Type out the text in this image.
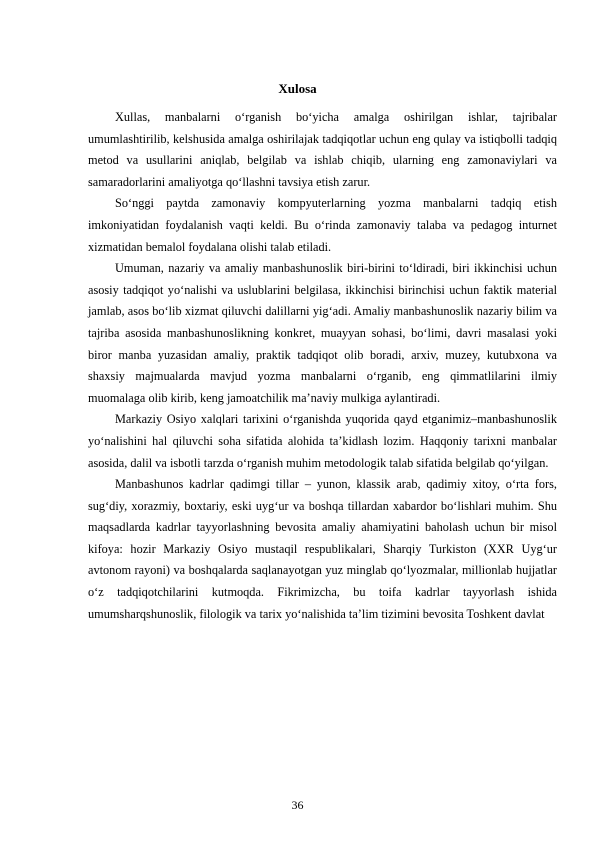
Xulosa

Xullas, manbalarni o‘rganish bo‘yicha amalga oshirilgan ishlar, tajribalar umumlashtirilib, kelshusida amalga oshirilajak tadqiqotlar uchun eng qulay va istiqbolli tadqiq metod va usullarini aniqlab, belgilab va ishlab chiqib, ularning eng zamonaviylari va samaradorlarini amaliyotga qo‘llashni tavsiya etish zarur.

So‘nggi paytda zamonaviy kompyuterlarning yozma manbalarni tadqiq etish imkoniyatidan foydalanish vaqti keldi. Bu o‘rinda zamonaviy talaba va pedagog inturnet xizmatidan bemalol foydalana olishi talab etiladi.

Umuman, nazariy va amaliy manbashunoslik biri-birini to‘ldiradi, biri ikkinchisi uchun asosiy tadqiqot yo‘nalishi va uslublarini belgilasa, ikkinchisi birinchisi uchun faktik material jamlab, asos bo‘lib xizmat qiluvchi dalillarni yig‘adi. Amaliy manbashunoslik nazariy bilim va tajriba asosida manbashunoslikning konkret, muayyan sohasi, bo‘limi, davri masalasi yoki biror manba yuzasidan amaliy, praktik tadqiqot olib boradi, arxiv, muzey, kutubxona va shaxsiy majmualarda mavjud yozma manbalarni o‘rganib, eng qimmatlilarini ilmiy muomalaga olib kirib, keng jamoatchilik ma’naviy mulkiga aylantiradi.

Markaziy Osiyo xalqlari tarixini o‘rganishda yuqorida qayd etganimiz–manbashunoslik yo‘nalishini hal qiluvchi soha sifatida alohida ta’kidlash lozim. Haqqoniy tarixni manbalar asosida, dalil va isbotli tarzda o‘rganish muhim metodologik talab sifatida belgilab qo‘yilgan.

Manbashunos kadrlar qadimgi tillar – yunon, klassik arab, qadimiy xitoy, o‘rta fors, sug‘diy, xorazmiy, boxtariy, eski uyg‘ur va boshqa tillardan xabardor bo‘lishlari muhim. Shu maqsadlarda kadrlar tayyorlashning bevosita amaliy ahamiyatini baholash uchun bir misol kifoya: hozir Markaziy Osiyo mustaqil respublikalari, Sharqiy Turkiston (XXR Uyg‘ur avtonom rayoni) va boshqalarda saqlanayotgan yuz minglab qo‘lyozmalar, millionlab hujjatlar o‘z tadqiqotchilarini kutmoqda. Fikrimizcha, bu toifa kadrlar tayyorlash ishida umumsharqshunoslik, filologik va tarix yo‘nalishida ta’lim tizimini bevosita Toshkent davlat

36
